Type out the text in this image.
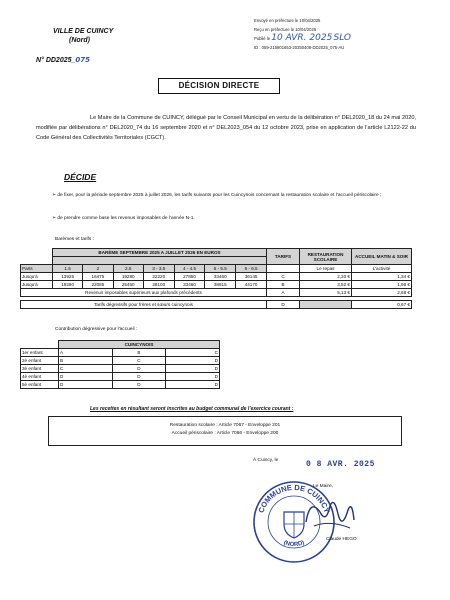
VILLE DE CUINCY
(Nord)
N° DD2025_075
Envoyé en préfecture le 10/04/2025
Reçu en préfecture le 10/04/2025
Publié le 10 AVR. 2025 SLO
ID : 059-215901653-20250408-DD2025_075-AU
DÉCISION DIRECTE
Le Maire de la Commune de CUINCY, délégué par le Conseil Municipal en vertu de la délibération n° DEL2020_18 du 24 mai 2020, modifiée par délibérations n° DEL2020_74 du 16 septembre 2020 et n° DEL2023_054 du 12 octobre 2023, prise en application de l’article L2122-22 du Code Général des Collectivités Territoriales (CGCT).
DÉCIDE
➢ de fixer, pour la période septembre 2025 à juillet 2026, les tarifs suivants pour les Cuincynois concernant la restauration scolaire et l’accueil périscolaire ;
➢ de prendre comme base les revenus imposables de l’année N-1.
Barèmes et tarifs :
	BARÈME SEPTEMBRE 2025 A JUILLET 2026 EN EUROS							TARIFS	RESTAURATION SCOLAIRE	ACCUEIL MATIN & SOIR

Parts	1.5	2	2.5	3 - 3.5	4 - 4.5	5 - 5.5	6 - 6.5		Le repas	L’activité
Jusqu'à	13925	16475	19280	22220	27850	33460	36145	C	2,20 €	1,34 €
Jusqu'à	19280	22085	25450	28100	33460	38815	44170	B	3,52 €	1,98 €
Revenus imposables supérieurs aux plafonds précédents								A	5,13 €	2,68 €

Tarifs dégressifs pour frères et sœurs cuincynois								D		0,67 €
Contribution dégressive pour l'accueil :
	CUINCYNOIS		
1er enfant	A	B	C
2è enfant	B	C	D
3è enfant	C	D	D
4è enfant	D	D	D
5è enfant	D	D	D
Les recettes en résultant seront inscrites au budget communal de l’exercice courant :
Restauration scolaire : Article 7067 - Enveloppe 201
Accueil périscolaire : Article 7066 - Enveloppe 200
À Cuincy, le	0 8 AVR. 2025
Le Maire,
COMMUNE DE CUINCY
(NORD)
Claude HEGO
